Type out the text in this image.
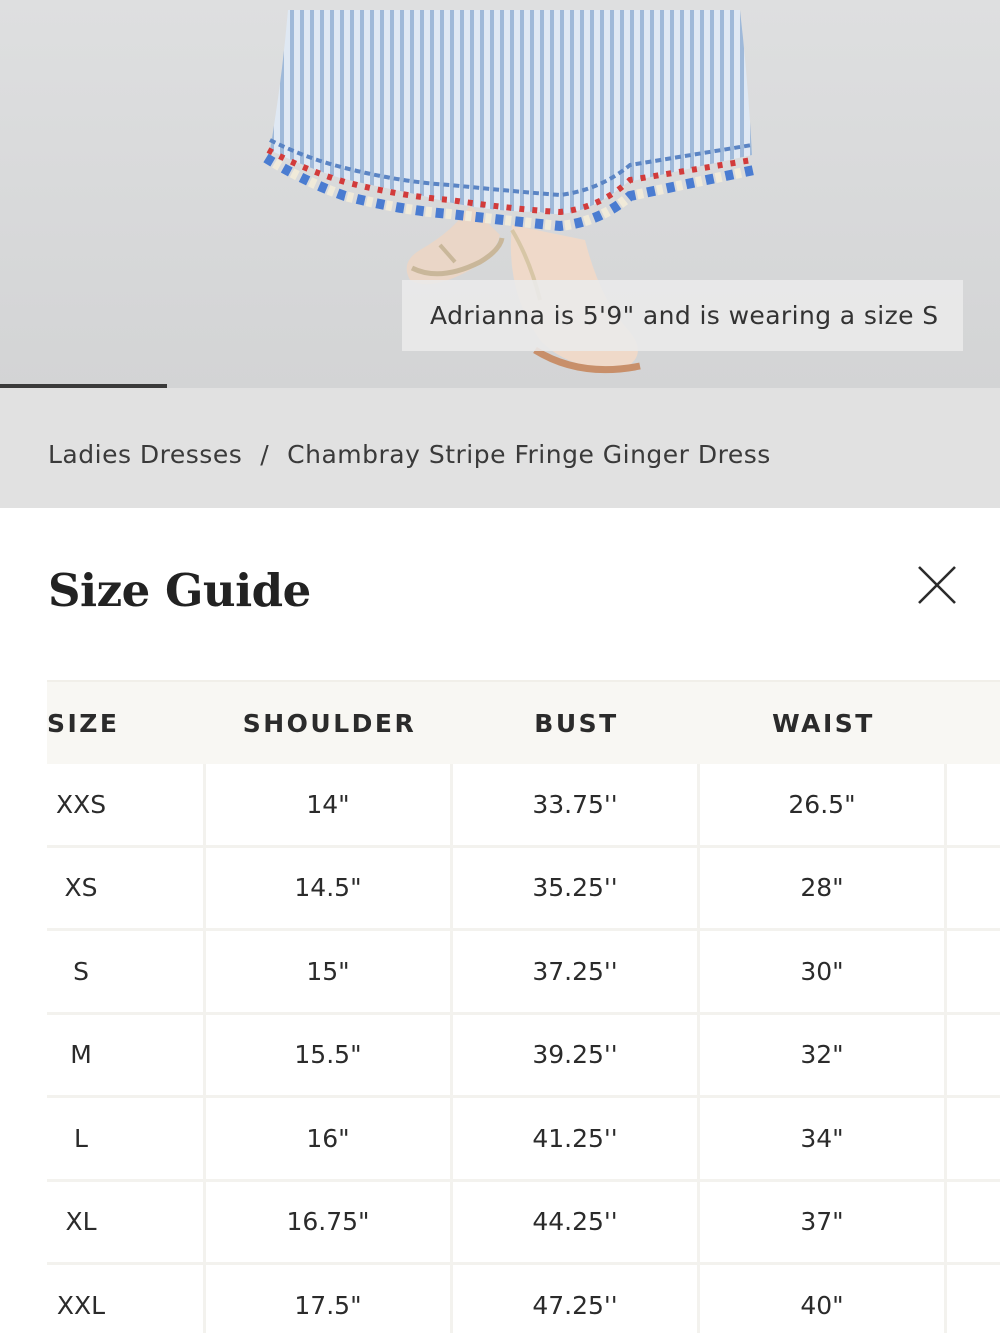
Adrianna is 5'9" and is wearing a size S
Ladies Dresses / Chambray Stripe Fringe Ginger Dress
Size Guide
SIZE	SHOULDER	BUST	WAIST
XXS	14"	33.75''	26.5"
XS	14.5"	35.25''	28"
S	15"	37.25''	30"
M	15.5"	39.25''	32"
L	16"	41.25''	34"
XL	16.75"	44.25''	37"
XXL	17.5"	47.25''	40"
